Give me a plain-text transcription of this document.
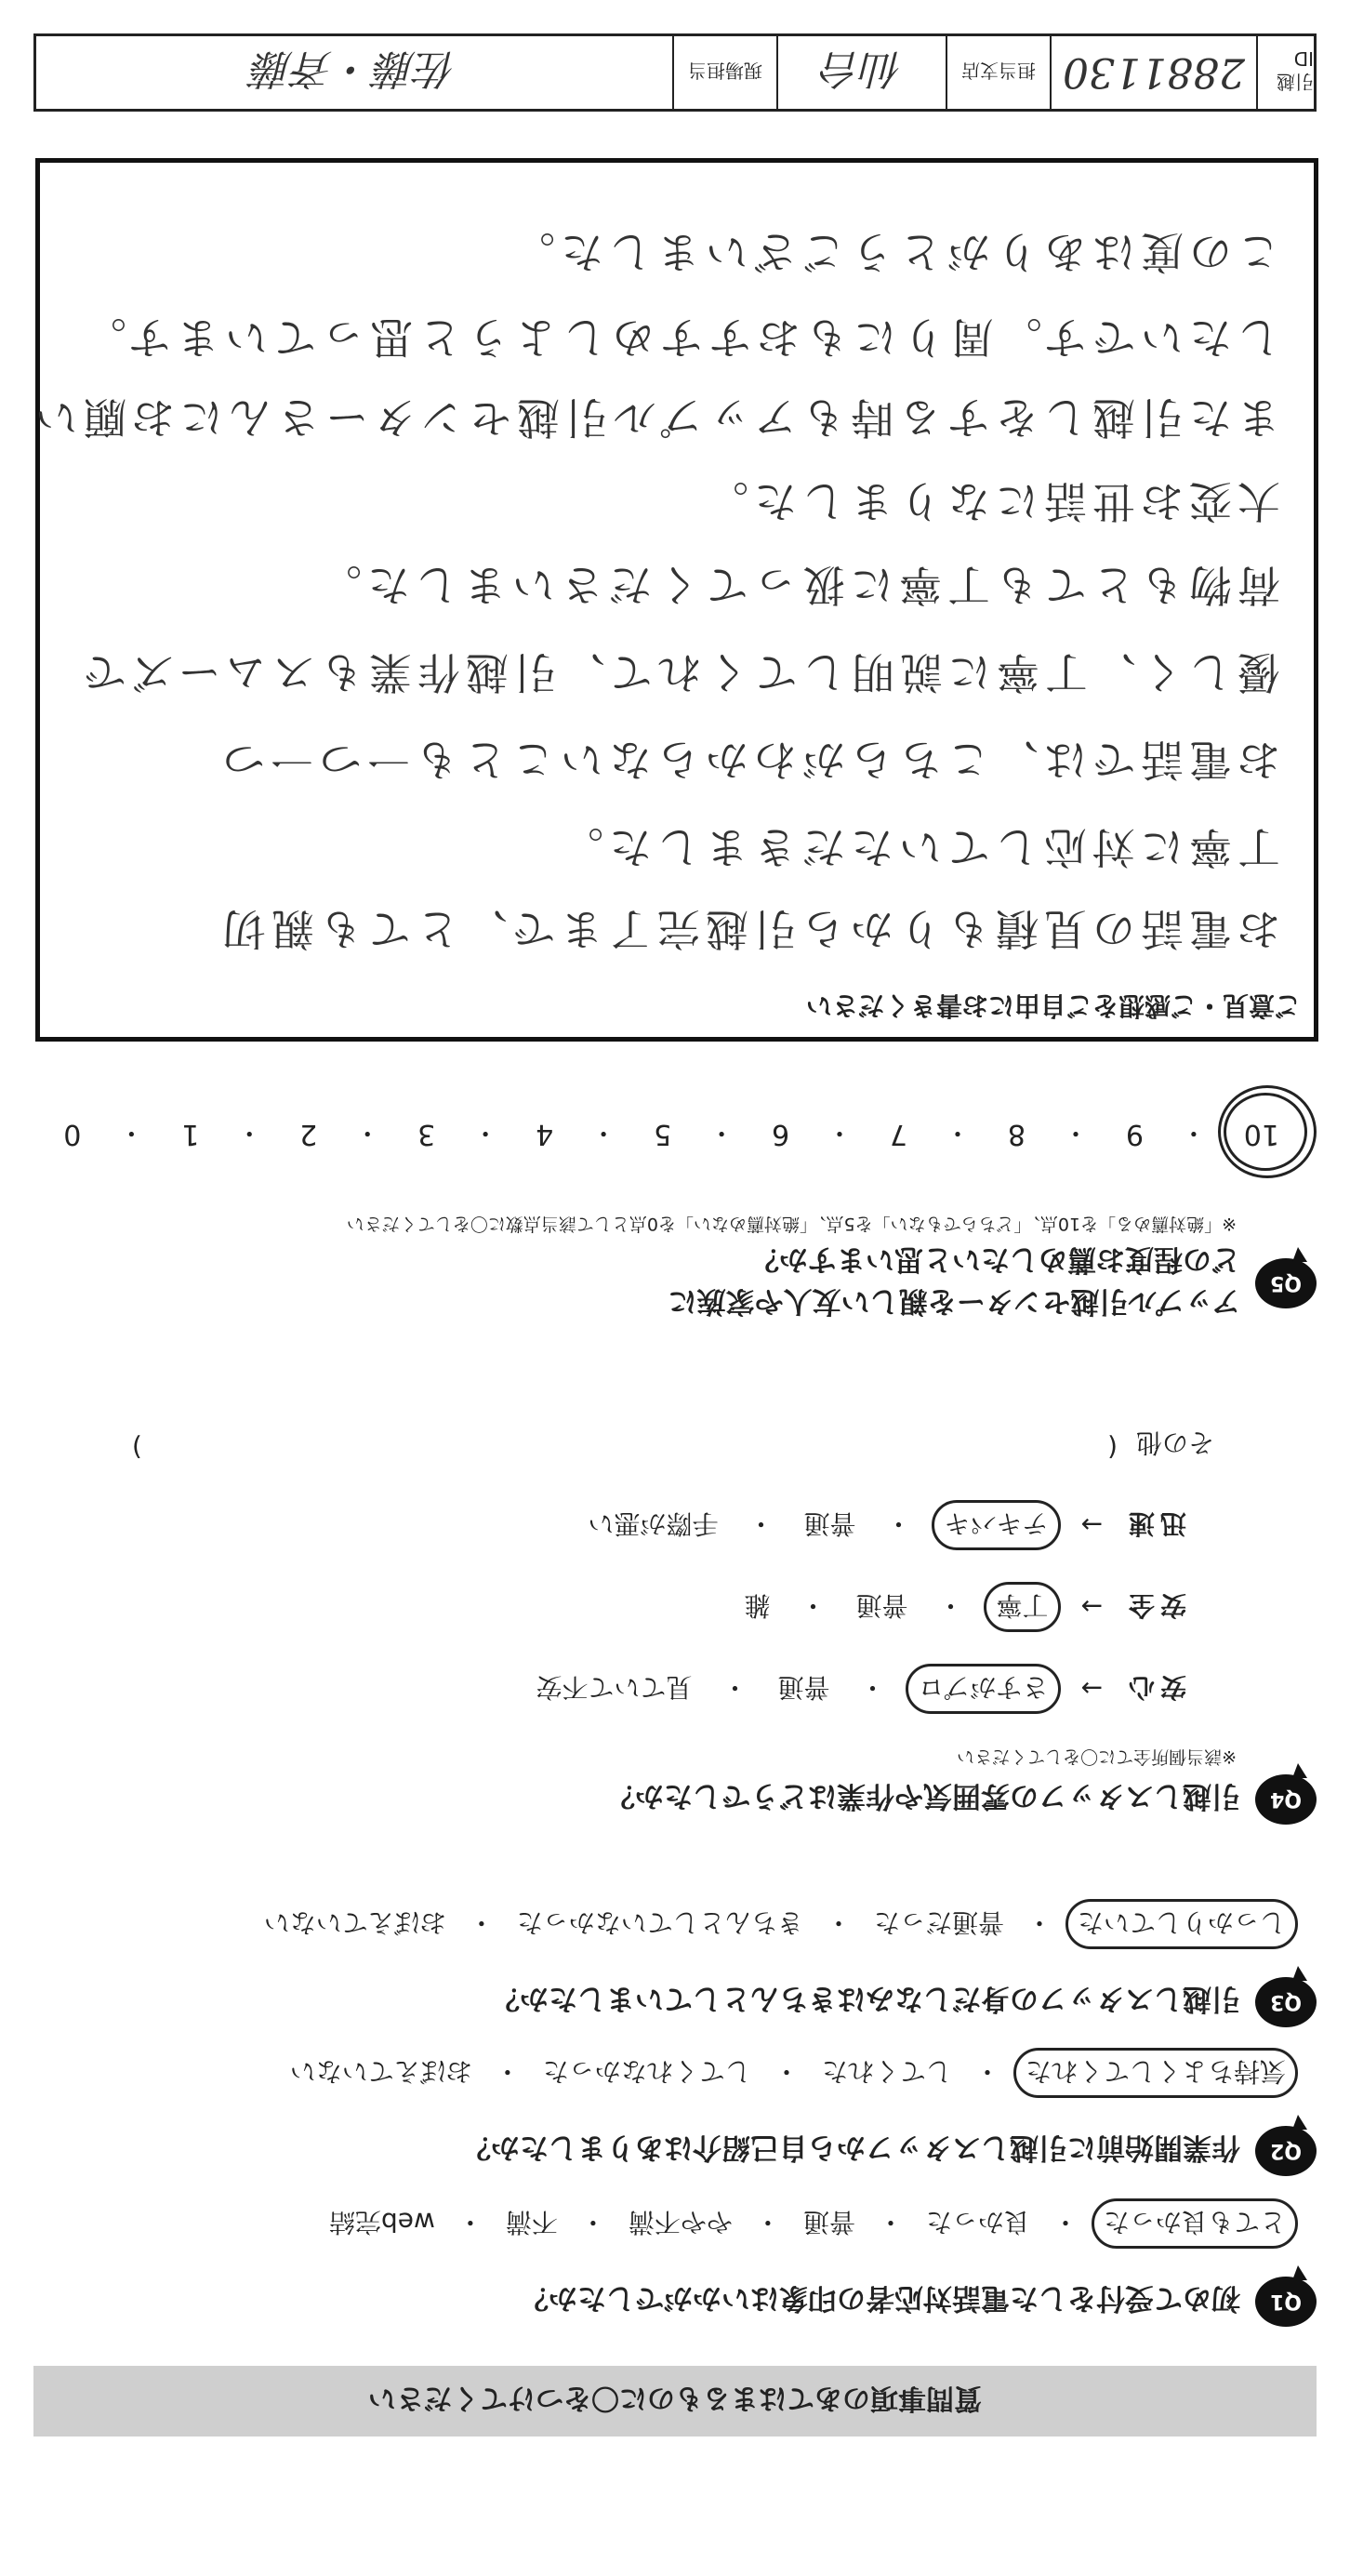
質問事項のあてはまるものに〇をつけてください
Q1
初めて受付をした電話対応者の印象はいかがでしたか？
とても良かった
・
良かった
・
普通
・
やや不満
・
不満
・
web完結
Q2
作業開始前に引越しスタッフから自己紹介はありましたか？
気持ちよくしてくれた
・
してくれた
・
してくれなかった
・
おぼえていない
Q3
引越しスタッフの身だしなみはきちんとしていましたか？
しっかりしていた
・
普通だった
・
きちんとしていなかった
・
おぼえていない
Q4
引越しスタッフの雰囲気や作業はどうでしたか？
※該当個所全てに〇をしてください
安心
→
さすがプロ
・
普通
・
見ていて不安
安全
→
丁寧
・
普通
・
雑
迅速
→
テキパキ
・
普通
・
手際が悪い
その他
(
)
Q5
アップル引越センターを親しい友人や家族に
どの程度お薦めしたいと思いますか？
※「絶対薦める」を10点、「どちらでもない」を5点、「絶対薦めない」を0点として該当点数に〇をしてください
10
・
9
・
8
・
7
・
6
・
5
・
4
・
3
・
2
・
1
・
0
ご意見・ご感想をご自由にお書きください
お電話の見積もりから引越完了まで、とても親切
丁寧に対応していただきました。
お電話では、こちらがわからないことも一つ一つ
優しく、丁寧に説明してくれて、引越作業もスムーズで
荷物もとても丁寧に扱ってくださいました。
大変お世話になりました。
また引越しをする時もアップル引越センターさんにお願い
したいです。周りにもおすすめしようと思っています。
この度はありがとうございました。
引越ID
2881130
担当支店
仙台
現場担当
佐藤・斉藤
